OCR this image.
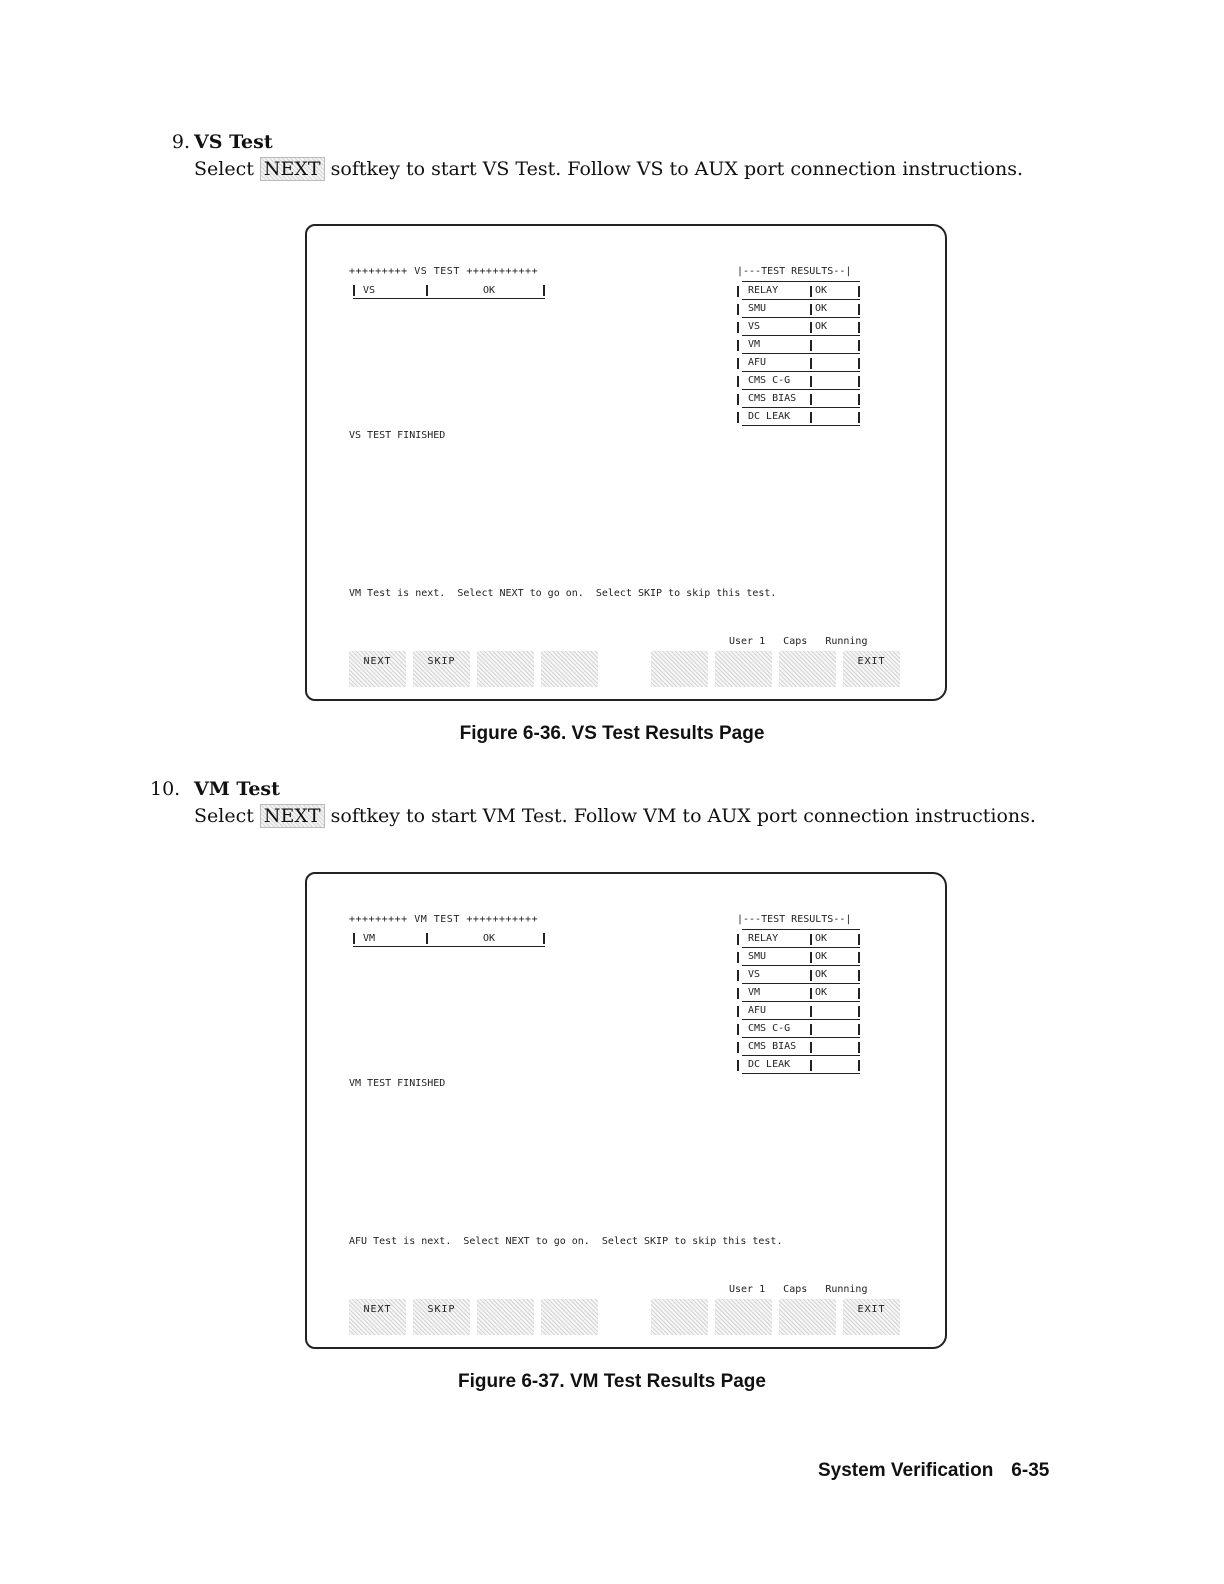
9. VS Test
Select NEXT softkey to start VS Test. Follow VS to AUX port connection instructions.
+++++++++ VS TEST +++++++++++
VS	OK
|---TEST RESULTS--|
RELAY	OK
SMU	OK
VS	OK
VM
AFU
CMS C-G
CMS BIAS
DC LEAK
VS TEST FINISHED
VM Test is next.  Select NEXT to go on.  Select SKIP to skip this test.
User 1   Caps   Running
NEXT	SKIP	EXIT
Figure 6-36. VS Test Results Page
10. VM Test
Select NEXT softkey to start VM Test. Follow VM to AUX port connection instructions.
+++++++++ VM TEST +++++++++++
VM	OK
|---TEST RESULTS--|
RELAY	OK
SMU	OK
VS	OK
VM	OK
AFU
CMS C-G
CMS BIAS
DC LEAK
VM TEST FINISHED
AFU Test is next.  Select NEXT to go on.  Select SKIP to skip this test.
User 1   Caps   Running
NEXT	SKIP	EXIT
Figure 6-37. VM Test Results Page
System Verification 6-35
